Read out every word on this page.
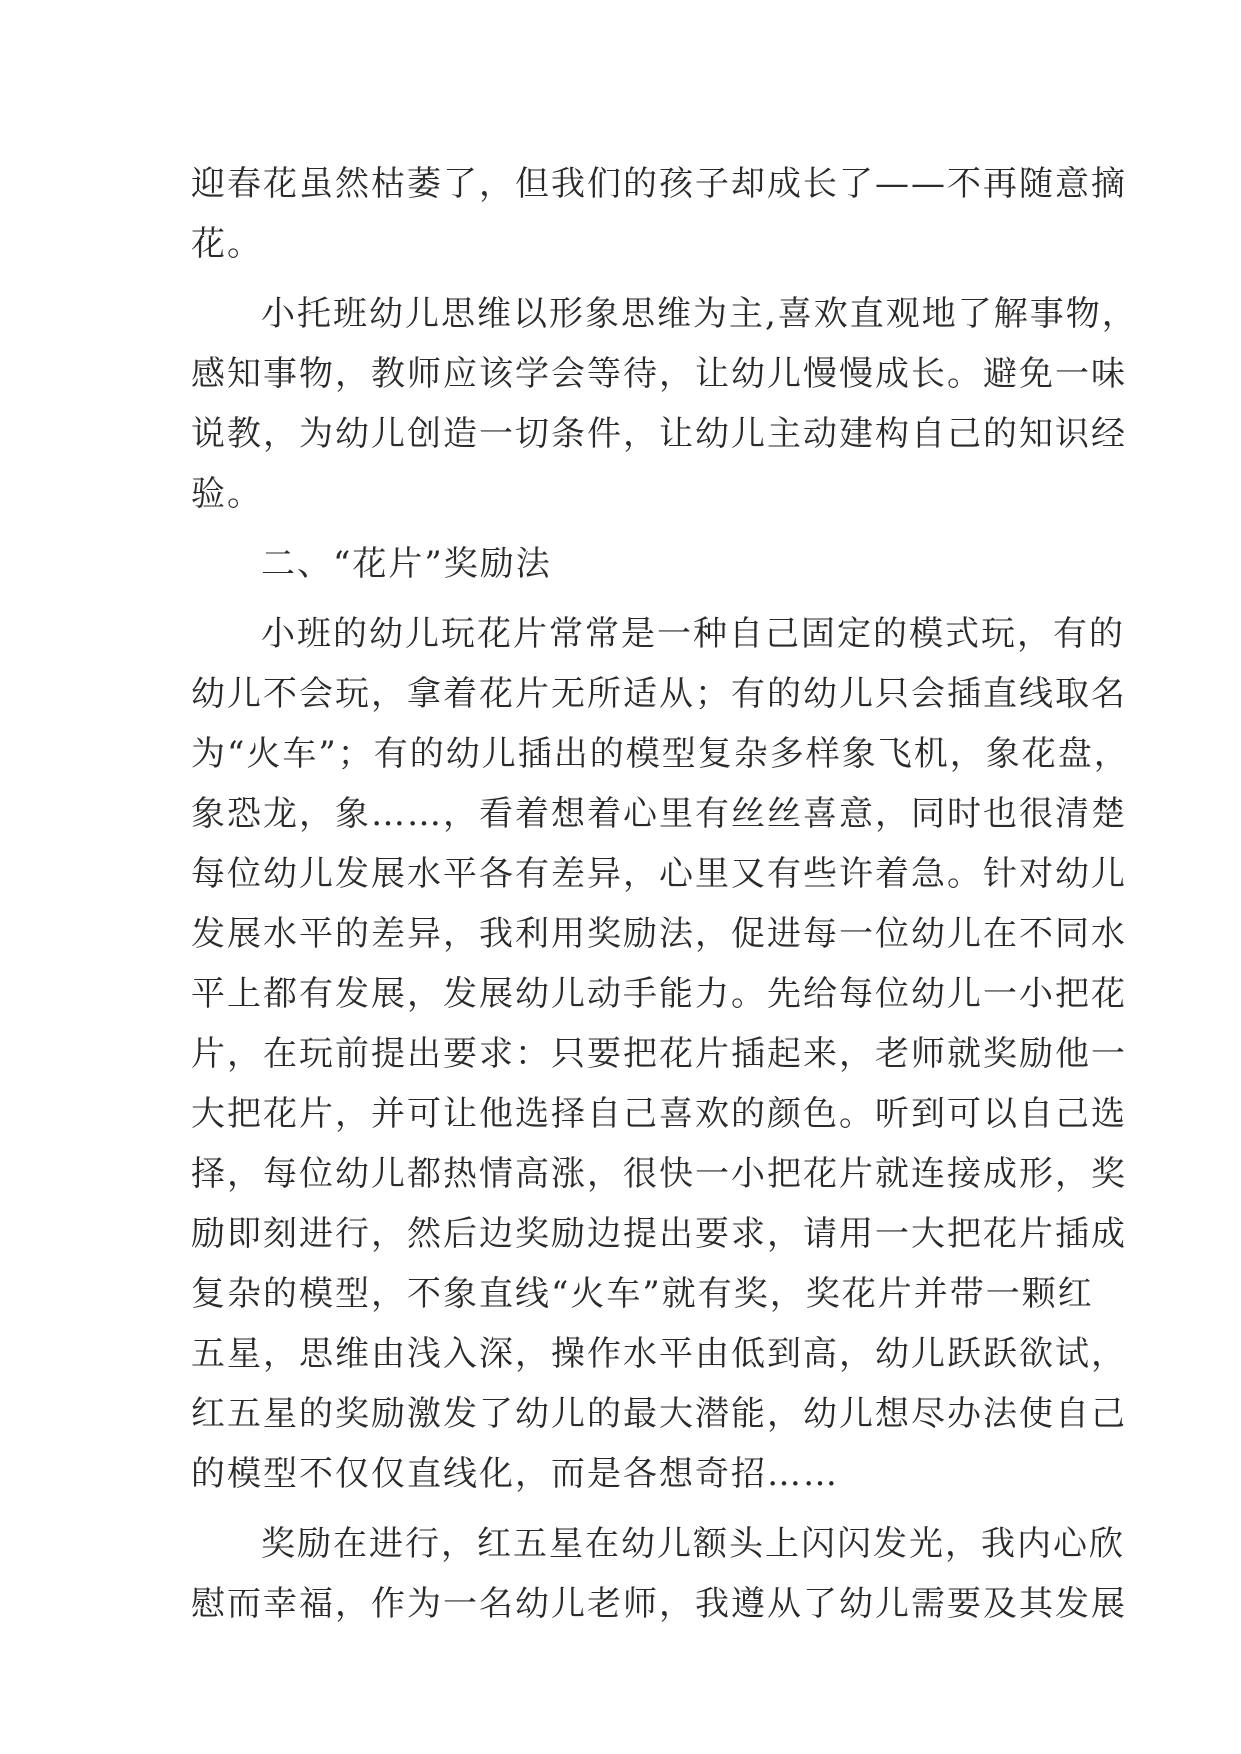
迎春花虽然枯萎了，但我们的孩子却成长了——不再随意摘
花。
小托班幼儿思维以形象思维为主,喜欢直观地了解事物，
感知事物，教师应该学会等待，让幼儿慢慢成长。避免一味
说教，为幼儿创造一切条件，让幼儿主动建构自己的知识经
验。
二、“花片”奖励法
小班的幼儿玩花片常常是一种自己固定的模式玩，有的
幼儿不会玩，拿着花片无所适从；有的幼儿只会插直线取名
为“火车”；有的幼儿插出的模型复杂多样象飞机，象花盘，
象恐龙，象……，看着想着心里有丝丝喜意，同时也很清楚
每位幼儿发展水平各有差异，心里又有些许着急。针对幼儿
发展水平的差异，我利用奖励法，促进每一位幼儿在不同水
平上都有发展，发展幼儿动手能力。先给每位幼儿一小把花
片，在玩前提出要求：只要把花片插起来，老师就奖励他一
大把花片，并可让他选择自己喜欢的颜色。听到可以自己选
择，每位幼儿都热情高涨，很快一小把花片就连接成形，奖
励即刻进行，然后边奖励边提出要求，请用一大把花片插成
复杂的模型，不象直线“火车”就有奖，奖花片并带一颗红
五星，思维由浅入深，操作水平由低到高，幼儿跃跃欲试，
红五星的奖励激发了幼儿的最大潜能，幼儿想尽办法使自己
的模型不仅仅直线化，而是各想奇招……
奖励在进行，红五星在幼儿额头上闪闪发光，我内心欣
慰而幸福，作为一名幼儿老师，我遵从了幼儿需要及其发展
